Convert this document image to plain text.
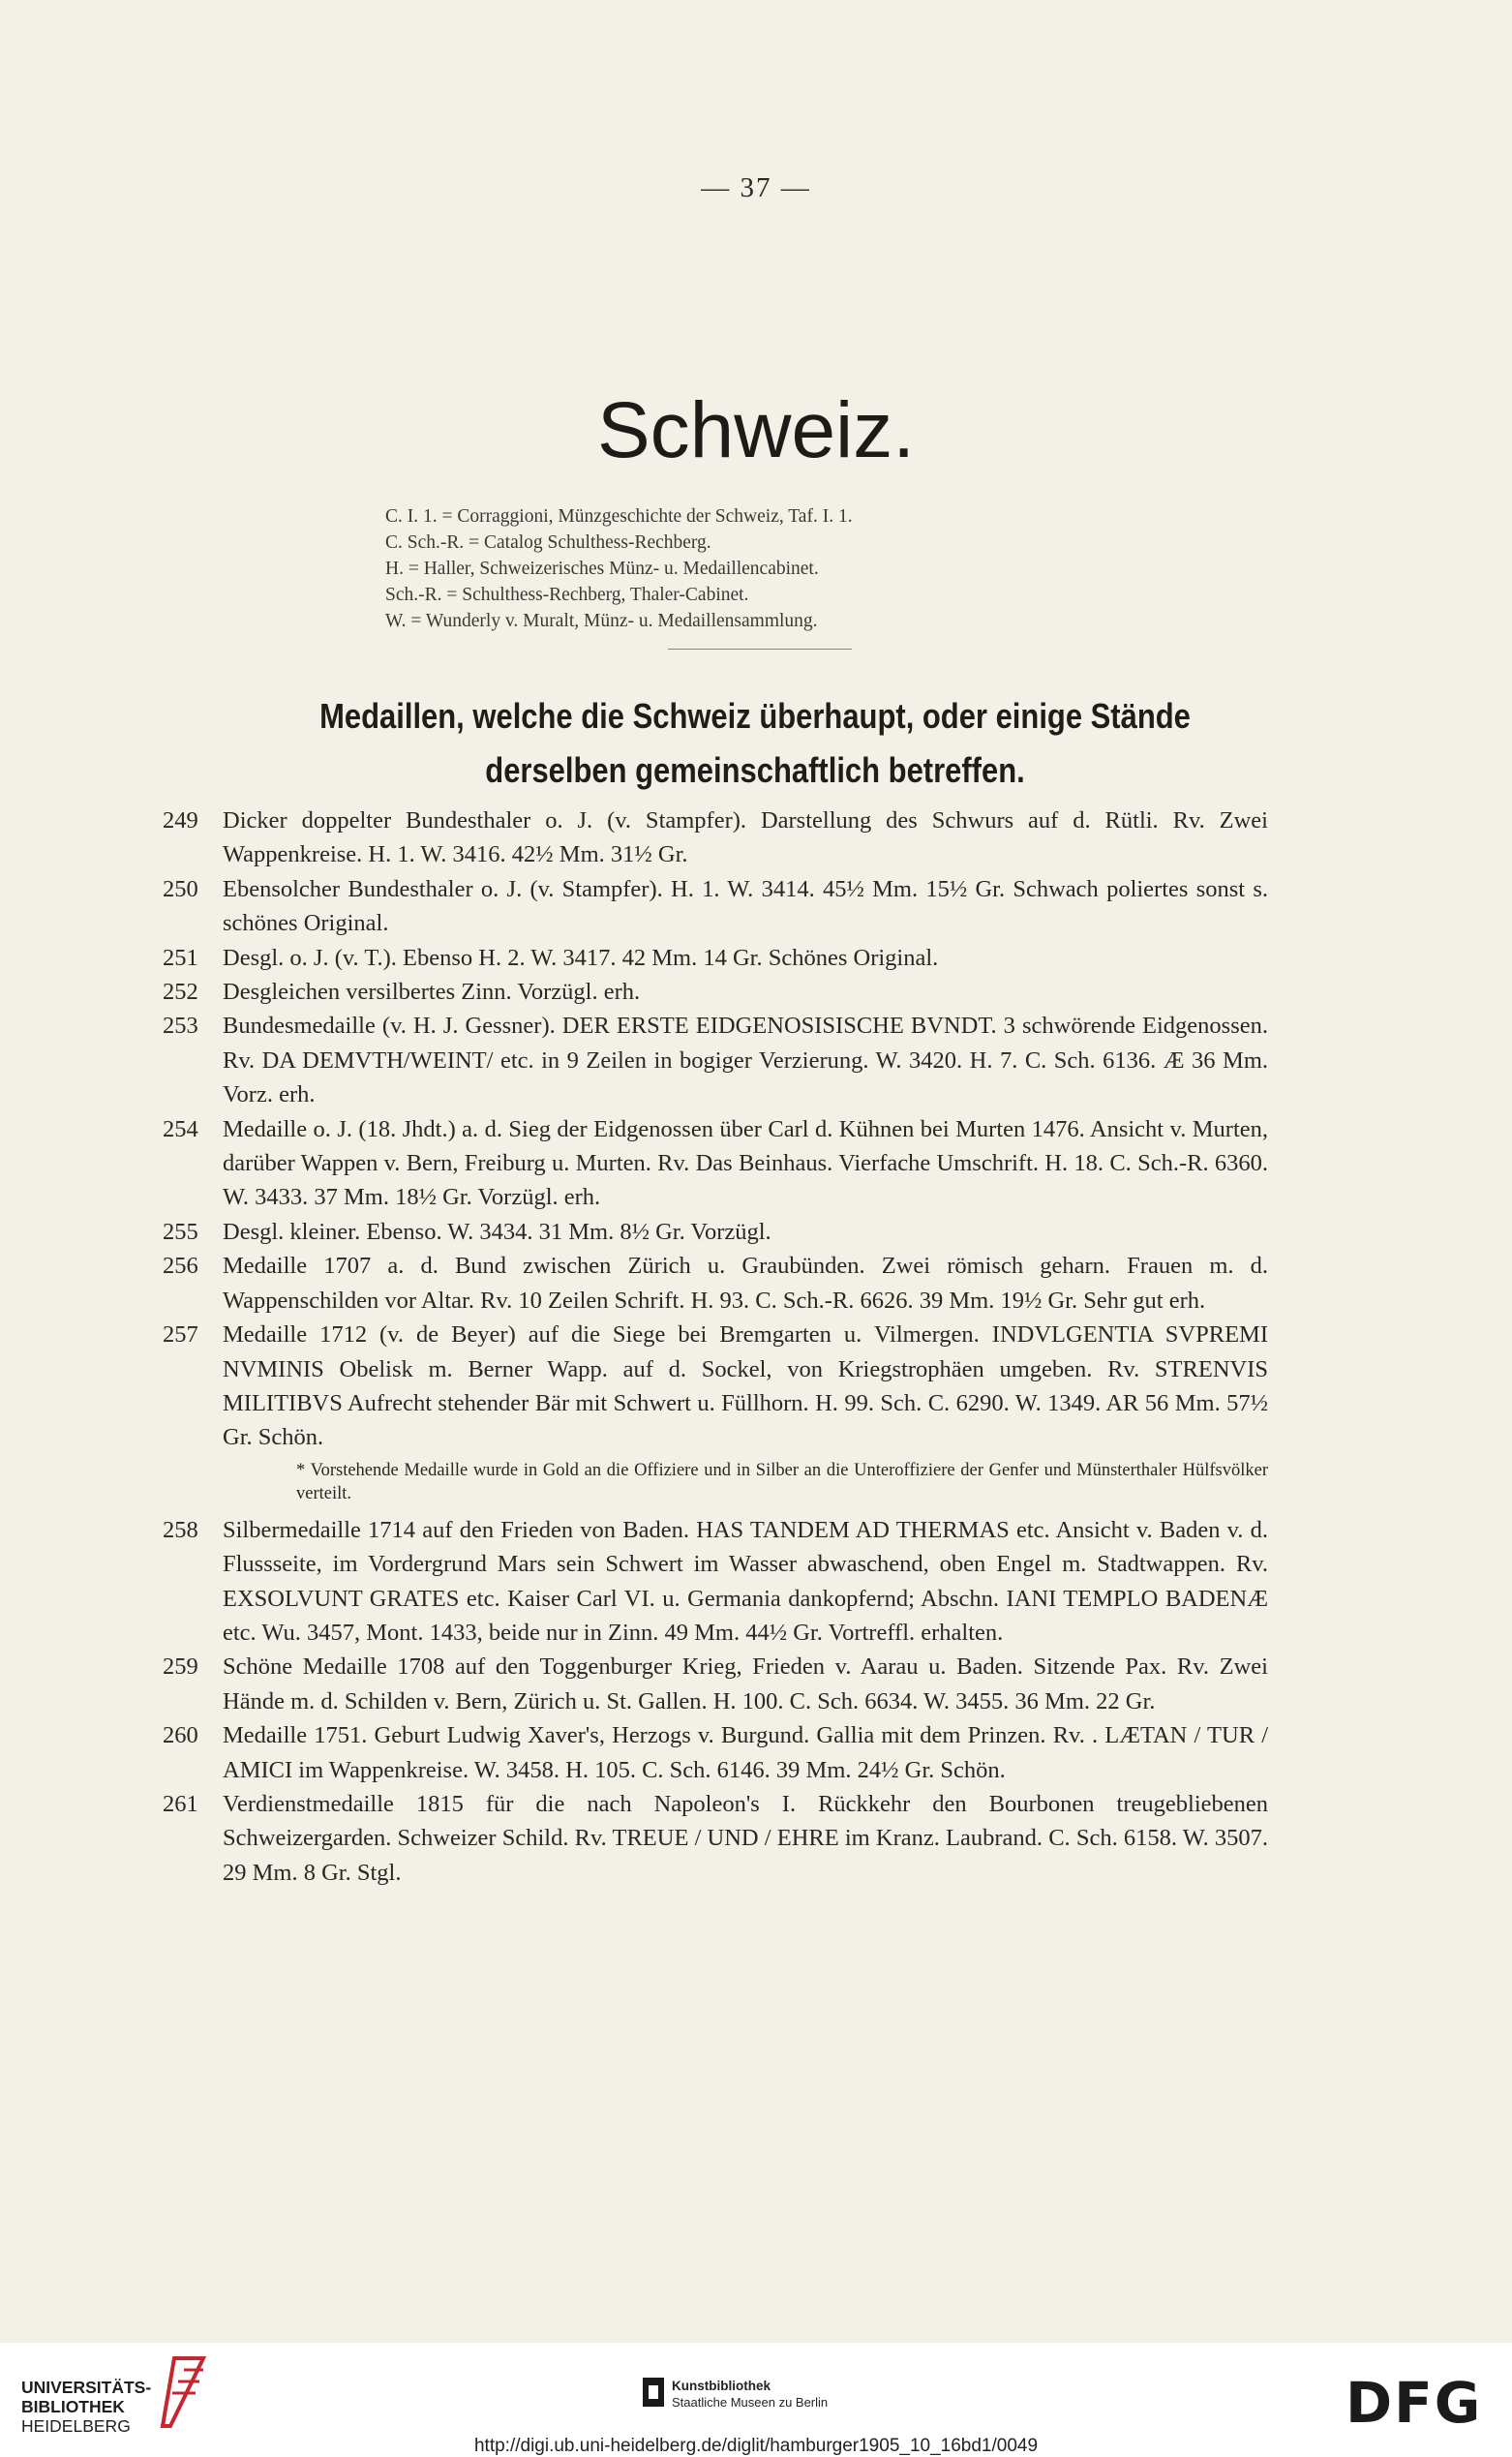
— 37 —
Schweiz.
C. I. 1. = Corraggioni, Münzgeschichte der Schweiz, Taf. I. 1.
C. Sch.-R. = Catalog Schulthess-Rechberg.
H. = Haller, Schweizerisches Münz- u. Medaillencabinet.
Sch.-R. = Schulthess-Rechberg, Thaler-Cabinet.
W. = Wunderly v. Muralt, Münz- u. Medaillensammlung.
Medaillen, welche die Schweiz überhaupt, oder einige Stände
derselben gemeinschaftlich betreffen.
249	Dicker doppelter Bundesthaler o. J. (v. Stampfer). Darstellung des Schwurs auf d. Rütli. Rv. Zwei Wappenkreise. H. 1. W. 3416. 42½ Mm. 31½ Gr.
250	Ebensolcher Bundesthaler o. J. (v. Stampfer). H. 1. W. 3414. 45½ Mm. 15½ Gr. Schwach poliertes sonst s. schönes Original.
251	Desgl. o. J. (v. T.). Ebenso H. 2. W. 3417. 42 Mm. 14 Gr. Schönes Original.
252	Desgleichen versilbertes Zinn. Vorzügl. erh.
253	Bundesmedaille (v. H. J. Gessner). DER ERSTE EIDGENOSISISCHE BVNDT. 3 schwörende Eidgenossen. Rv. DA DEMVTH/WEINT/ etc. in 9 Zeilen in bogiger Verzierung. W. 3420. H. 7. C. Sch. 6136. Æ 36 Mm. Vorz. erh.
254	Medaille o. J. (18. Jhdt.) a. d. Sieg der Eidgenossen über Carl d. Kühnen bei Murten 1476. Ansicht v. Murten, darüber Wappen v. Bern, Freiburg u. Murten. Rv. Das Beinhaus. Vierfache Umschrift. H. 18. C. Sch.-R. 6360. W. 3433. 37 Mm. 18½ Gr. Vorzügl. erh.
255	Desgl. kleiner. Ebenso. W. 3434. 31 Mm. 8½ Gr. Vorzügl.
256	Medaille 1707 a. d. Bund zwischen Zürich u. Graubünden. Zwei römisch geharn. Frauen m. d. Wappenschilden vor Altar. Rv. 10 Zeilen Schrift. H. 93. C. Sch.-R. 6626. 39 Mm. 19½ Gr. Sehr gut erh.
257	Medaille 1712 (v. de Beyer) auf die Siege bei Bremgarten u. Vilmergen. INDVLGENTIA SVPREMI NVMINIS Obelisk m. Berner Wapp. auf d. Sockel, von Kriegstrophäen umgeben. Rv. STRENVIS MILITIBVS Aufrecht stehender Bär mit Schwert u. Füllhorn. H. 99. Sch. C. 6290. W. 1349. AR 56 Mm. 57½ Gr. Schön.
* Vorstehende Medaille wurde in Gold an die Offiziere und in Silber an die Unteroffiziere der Genfer und Münsterthaler Hülfsvölker verteilt.
258	Silbermedaille 1714 auf den Frieden von Baden. HAS TANDEM AD THERMAS etc. Ansicht v. Baden v. d. Flussseite, im Vordergrund Mars sein Schwert im Wasser abwaschend, oben Engel m. Stadtwappen. Rv. EXSOLVUNT GRATES etc. Kaiser Carl VI. u. Germania dankopfernd; Abschn. IANI TEMPLO BADENÆ etc. Wu. 3457, Mont. 1433, beide nur in Zinn. 49 Mm. 44½ Gr. Vortreffl. erhalten.
259	Schöne Medaille 1708 auf den Toggenburger Krieg, Frieden v. Aarau u. Baden. Sitzende Pax. Rv. Zwei Hände m. d. Schilden v. Bern, Zürich u. St. Gallen. H. 100. C. Sch. 6634. W. 3455. 36 Mm. 22 Gr.
260	Medaille 1751. Geburt Ludwig Xaver's, Herzogs v. Burgund. Gallia mit dem Prinzen. Rv. . LÆTAN / TUR / AMICI im Wappenkreise. W. 3458. H. 105. C. Sch. 6146. 39 Mm. 24½ Gr. Schön.
261	Verdienstmedaille 1815 für die nach Napoleon's I. Rückkehr den Bourbonen treugebliebenen Schweizergarden. Schweizer Schild. Rv. TREUE / UND / EHRE im Kranz. Laubrand. C. Sch. 6158. W. 3507. 29 Mm. 8 Gr. Stgl.
UNIVERSITÄTS-
BIBLIOTHEK
HEIDELBERG
Kunstbibliothek
Staatliche Museen zu Berlin	DFG
http://digi.ub.uni-heidelberg.de/diglit/hamburger1905_10_16bd1/0049
